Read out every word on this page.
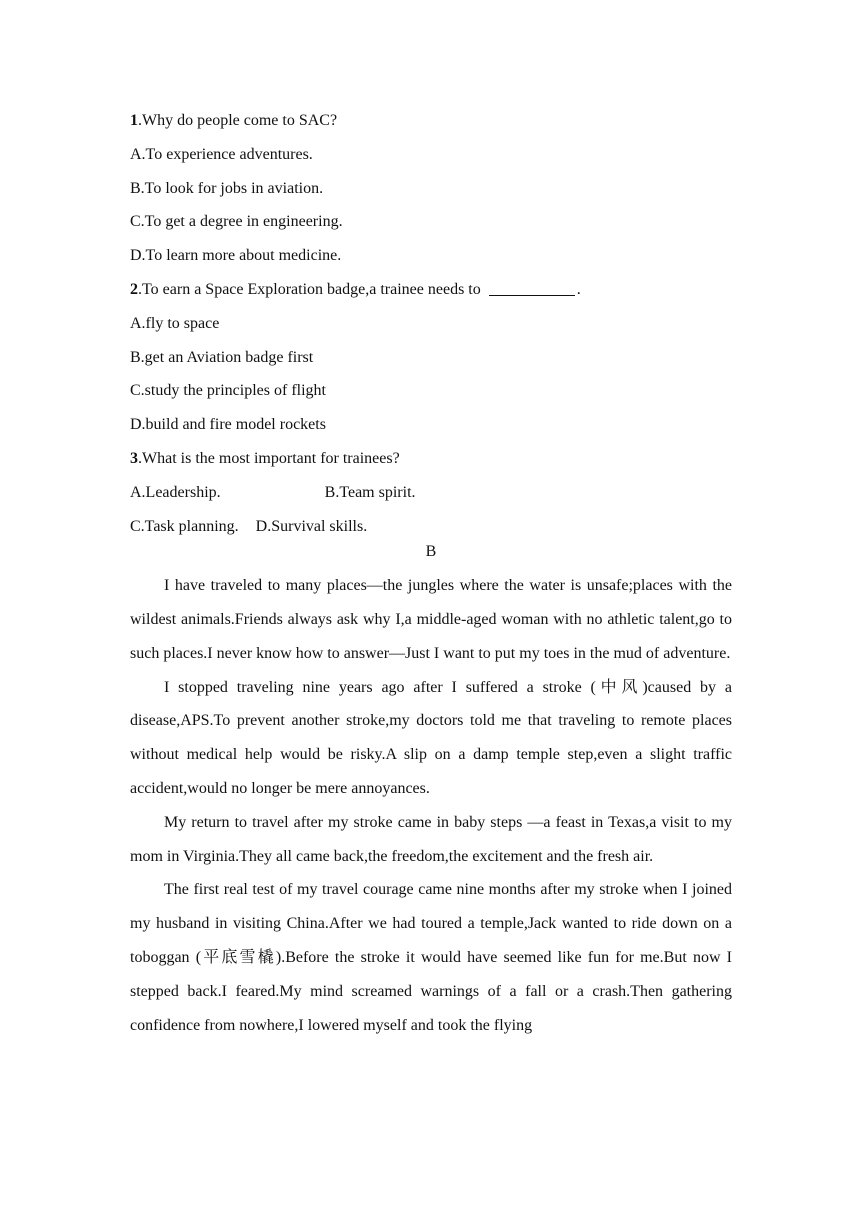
1.Why do people come to SAC?
A.To experience adventures.
B.To look for jobs in aviation.
C.To get a degree in engineering.
D.To learn more about medicine.
2.To earn a Space Exploration badge,a trainee needs to	.
A.fly to space
B.get an Aviation badge first
C.study the principles of flight
D.build and fire model rockets
3.What is the most important for trainees?
A.Leadership.	B.Team spirit.
C.Task planning. D.Survival skills.
B

I have traveled to many places—the jungles where the water is unsafe;places with the wildest animals.Friends always ask why I,a middle-aged woman with no athletic talent,go to such places.I never know how to answer—Just I want to put my toes in the mud of adventure.

I stopped traveling nine years ago after I suffered a stroke (中风)caused by a disease,APS.To prevent another stroke,my doctors told me that traveling to remote places without medical help would be risky.A slip on a damp temple step,even a slight traffic accident,would no longer be mere annoyances.

My return to travel after my stroke came in baby steps —a feast in Texas,a visit to my mom in Virginia.They all came back,the freedom,the excitement and the fresh air.

The first real test of my travel courage came nine months after my stroke when I joined my husband in visiting China.After we had toured a temple,Jack wanted to ride down on a toboggan (平底雪橇).Before the stroke it would have seemed like fun for me.But now I stepped back.I feared.My mind screamed warnings of a fall or a crash.Then gathering confidence from nowhere,I lowered myself and took the flying
